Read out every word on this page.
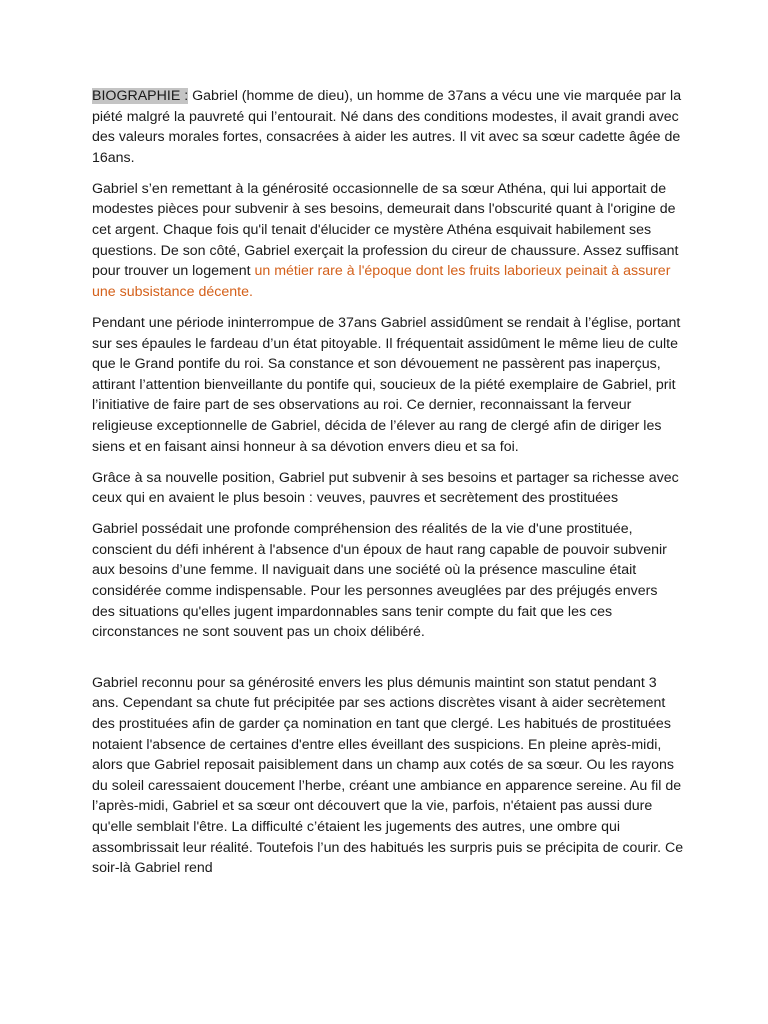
BIOGRAPHIE : Gabriel (homme de dieu), un homme de 37ans a vécu une vie marquée par la piété malgré la pauvreté qui l’entourait. Né dans des conditions modestes, il avait grandi avec des valeurs morales fortes, consacrées à aider les autres. Il vit avec sa sœur cadette âgée de 16ans.

Gabriel s’en remettant à la générosité occasionnelle de sa sœur Athéna, qui lui apportait de modestes pièces pour subvenir à ses besoins, demeurait dans l'obscurité quant à l'origine de cet argent. Chaque fois qu'il tenait d'élucider ce mystère Athéna esquivait habilement ses questions. De son côté, Gabriel exerçait la profession du cireur de chaussure. Assez suffisant pour trouver un logement un métier rare à l'époque dont les fruits laborieux peinait à assurer une subsistance décente.

Pendant une période ininterrompue de 37ans Gabriel assidûment se rendait à l’église, portant sur ses épaules le fardeau d’un état pitoyable. Il fréquentait assidûment le même lieu de culte que le Grand pontife du roi. Sa constance et son dévouement ne passèrent pas inaperçus, attirant l’attention bienveillante du pontife qui, soucieux de la piété exemplaire de Gabriel, prit l’initiative de faire part de ses observations au roi. Ce dernier, reconnaissant la ferveur religieuse exceptionnelle de Gabriel, décida de l’élever au rang de clergé afin de diriger les siens et en faisant ainsi honneur à sa dévotion envers dieu et sa foi.

Grâce à sa nouvelle position, Gabriel put subvenir à ses besoins et partager sa richesse avec ceux qui en avaient le plus besoin : veuves, pauvres et secrètement des prostituées

Gabriel possédait une profonde compréhension des réalités de la vie d'une prostituée, conscient du défi inhérent à l'absence d'un époux de haut rang capable de pouvoir subvenir aux besoins d’une femme. Il naviguait dans une société où la présence masculine était considérée comme indispensable. Pour les personnes aveuglées par des préjugés envers des situations qu'elles jugent impardonnables sans tenir compte du fait que les ces circonstances ne sont souvent pas un choix délibéré.

Gabriel reconnu pour sa générosité envers les plus démunis maintint son statut pendant 3 ans. Cependant sa chute fut précipitée par ses actions discrètes visant à aider secrètement des prostituées afin de garder ça nomination en tant que clergé. Les habitués de prostituées notaient l'absence de certaines d'entre elles éveillant des suspicions. En pleine après-midi, alors que Gabriel reposait paisiblement dans un champ aux cotés de sa sœur. Ou les rayons du soleil caressaient doucement l’herbe, créant une ambiance en apparence sereine. Au fil de l’après-midi, Gabriel et sa sœur ont découvert que la vie, parfois, n'étaient pas aussi dure qu'elle semblait l'être. La difficulté c’étaient les jugements des autres, une ombre qui assombrissait leur réalité. Toutefois l’un des habitués les surpris puis se précipita de courir. Ce soir-là Gabriel rend
